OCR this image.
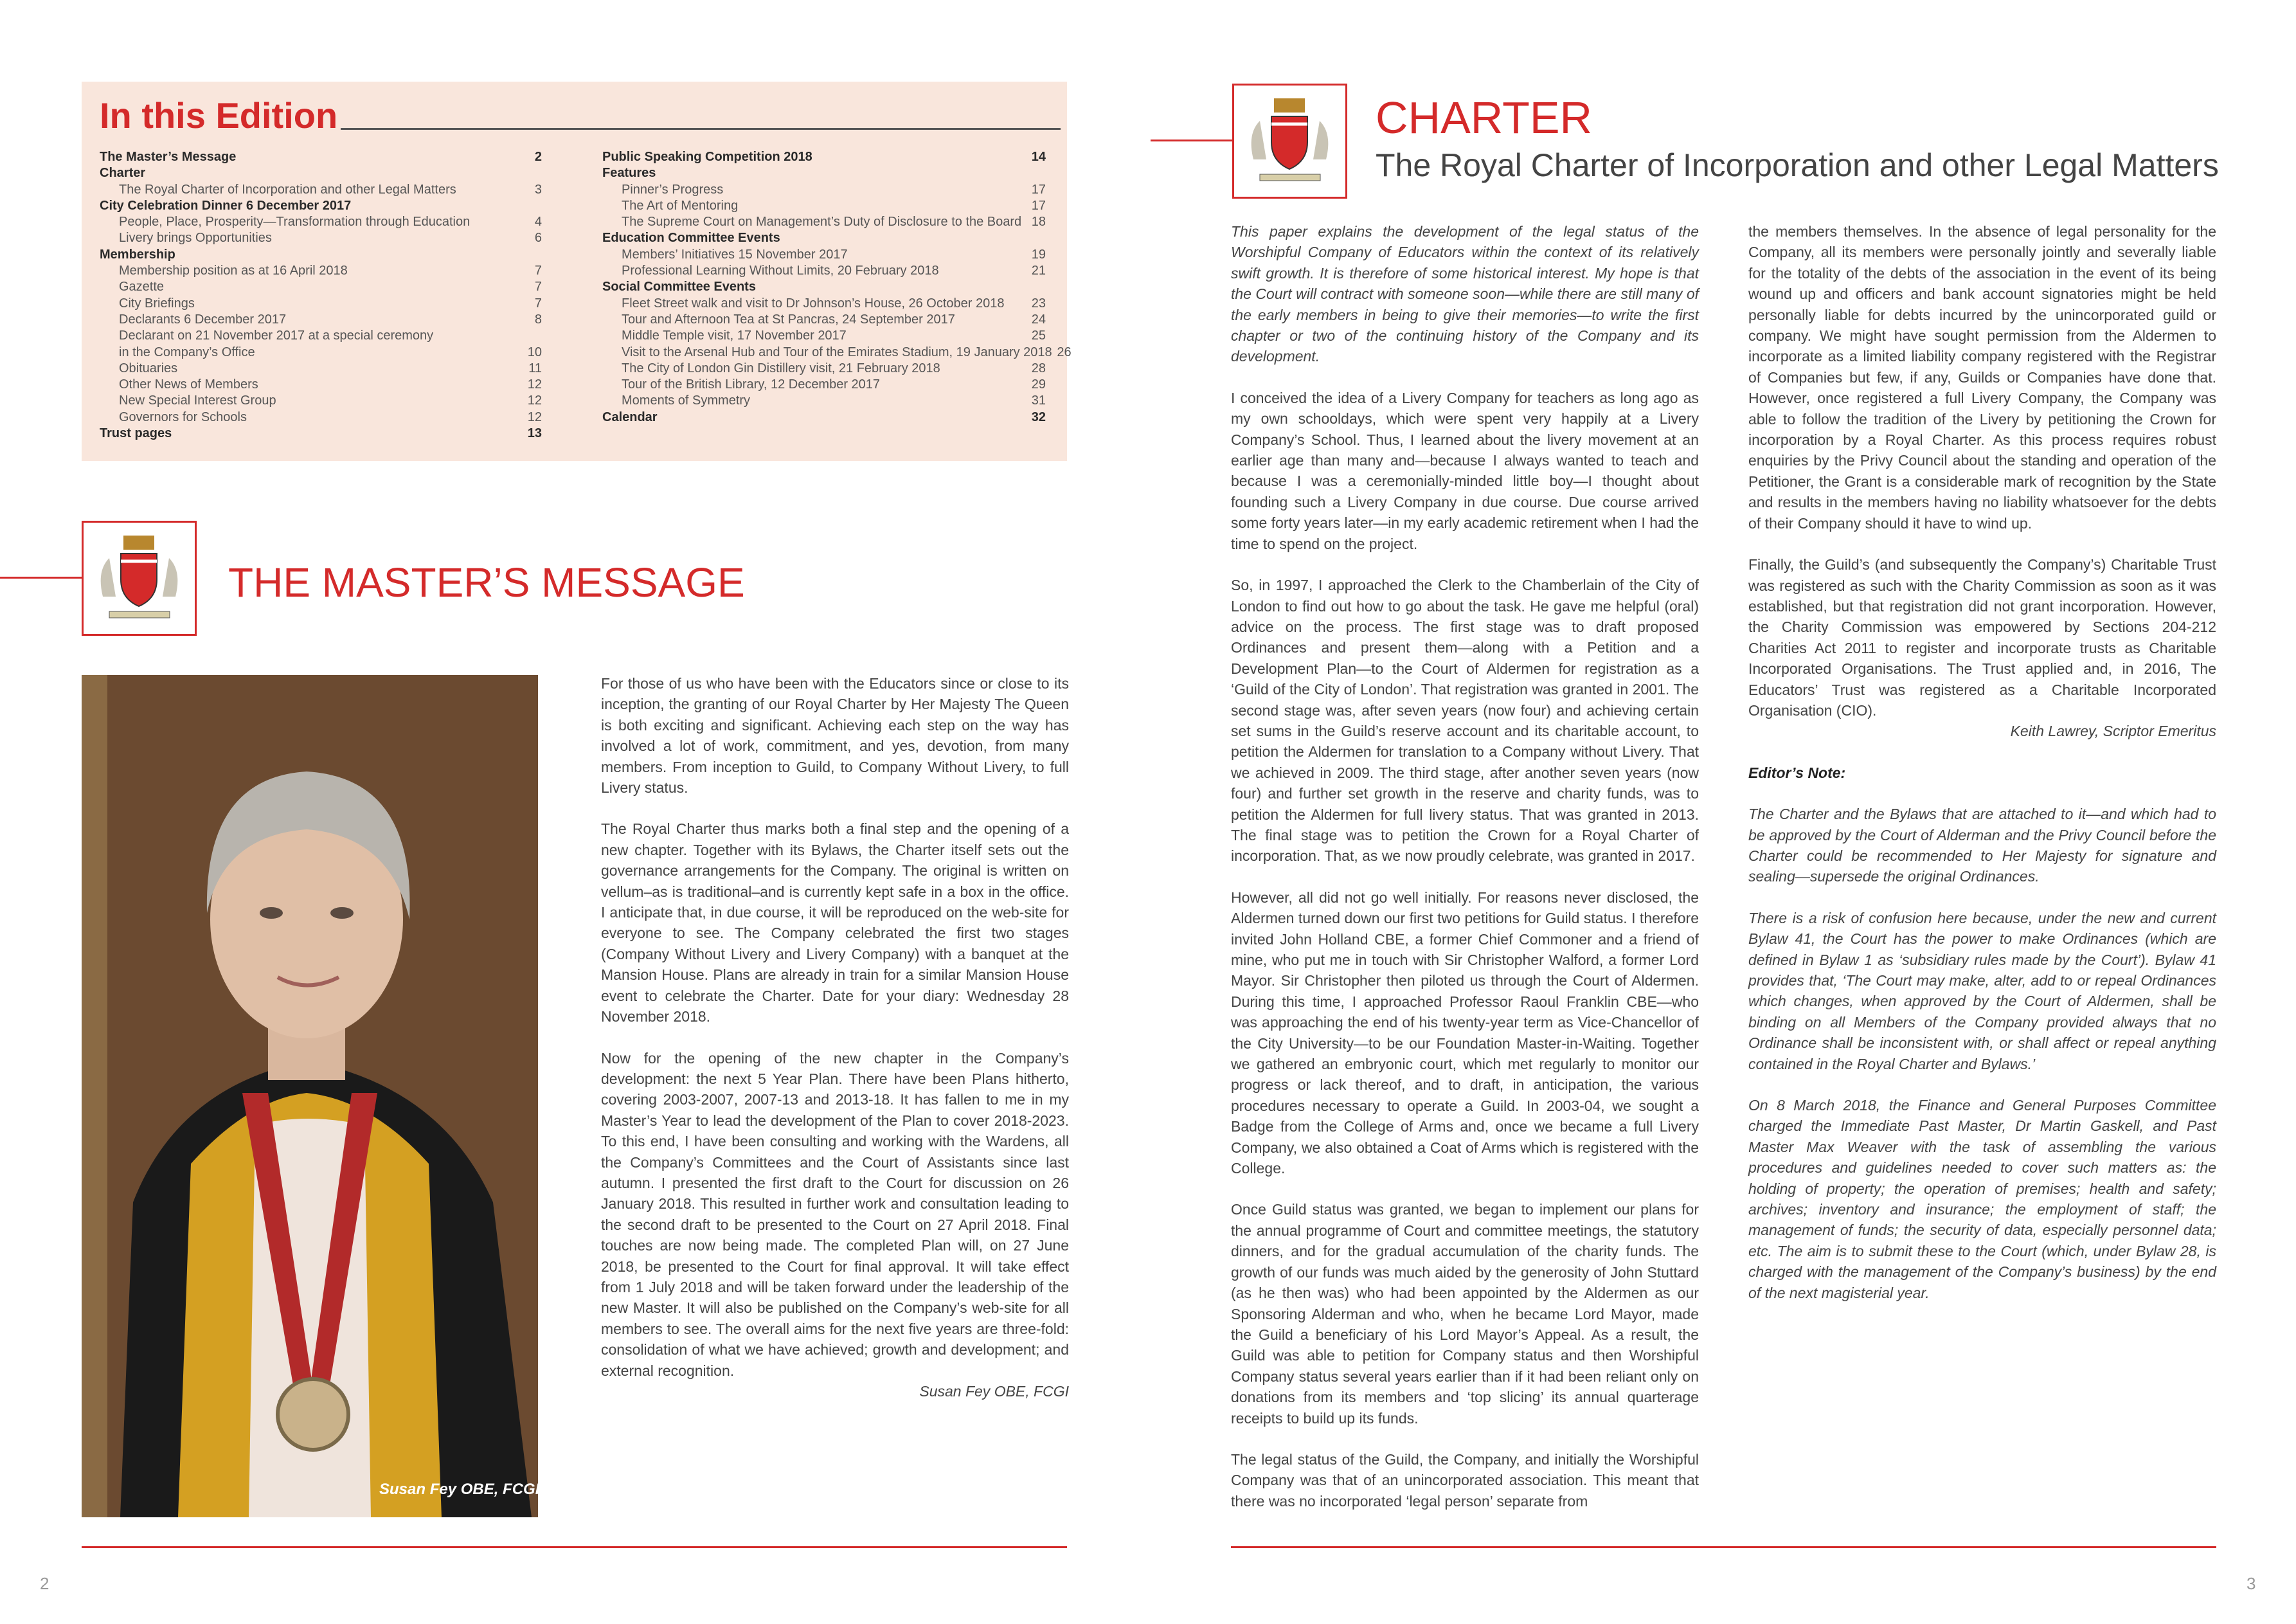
In this Edition
The Master’s Message	2
Charter
The Royal Charter of Incorporation and other Legal Matters	3
City Celebration Dinner 6 December 2017
People, Place, Prosperity—Transformation through Education	4
Livery brings Opportunities	6
Membership
Membership position as at 16 April 2018	7
Gazette	7
City Briefings	7
Declarants 6 December 2017	8
Declarant on 21 November 2017 at a special ceremony
in the Company’s Office	10
Obituaries	11
Other News of Members	12
New Special Interest Group	12
Governors for Schools	12
Trust pages	13
Public Speaking Competition 2018	14
Features
Pinner’s Progress	17
The Art of Mentoring	17
The Supreme Court on Management’s Duty of Disclosure to the Board 18
Education Committee Events
Members’ Initiatives 15 November 2017	19
Professional Learning Without Limits, 20 February 2018	21
Social Committee Events
Fleet Street walk and visit to Dr Johnson’s House, 26 October 2018	23
Tour and Afternoon Tea at St Pancras, 24 September 2017	24
Middle Temple visit, 17 November 2017	25
Visit to the Arsenal Hub and Tour of the Emirates Stadium, 19 January 2018 26
The City of London Gin Distillery visit, 21 February 2018	28
Tour of the British Library, 12 December 2017	29
Moments of Symmetry	31
Calendar	32
THE MASTER’S MESSAGE
Susan Fey OBE, FCGI

For those of us who have been with the Educators since or close to its inception, the granting of our Royal Charter by Her Majesty The Queen is both exciting and significant. Achieving each step on the way has involved a lot of work, commitment, and yes, devotion, from many members. From inception to Guild, to Company Without Livery, to full Livery status.

The Royal Charter thus marks both a final step and the opening of a new chapter. Together with its Bylaws, the Charter itself sets out the governance arrangements for the Company. The original is written on vellum–as is traditional–and is currently kept safe in a box in the office. I anticipate that, in due course, it will be reproduced on the web-site for everyone to see. The Company celebrated the first two stages (Company Without Livery and Livery Company) with a banquet at the Mansion House. Plans are already in train for a similar Mansion House event to celebrate the Charter. Date for your diary: Wednesday 28 November 2018.

Now for the opening of the new chapter in the Company’s development: the next 5 Year Plan. There have been Plans hitherto, covering 2003-2007, 2007-13 and 2013-18. It has fallen to me in my Master’s Year to lead the development of the Plan to cover 2018-2023. To this end, I have been consulting and working with the Wardens, all the Company’s Committees and the Court of Assistants since last autumn. I presented the first draft to the Court for discussion on 26 January 2018. This resulted in further work and consultation leading to the second draft to be presented to the Court on 27 April 2018. Final touches are now being made. The completed Plan will, on 27 June 2018, be presented to the Court for final approval. It will take effect from 1 July 2018 and will be taken forward under the leadership of the new Master. It will also be published on the Company’s web-site for all members to see. The overall aims for the next five years are three-fold: consolidation of what we have achieved; growth and development; and external recognition.

Susan Fey OBE, FCGI

CHARTER
The Royal Charter of Incorporation and other Legal Matters

This paper explains the development of the legal status of the Worshipful Company of Educators within the context of its relatively swift growth. It is therefore of some historical interest. My hope is that the Court will contract with someone soon—while there are still many of the early members in being to give their memories—to write the first chapter or two of the continuing history of the Company and its development.

I conceived the idea of a Livery Company for teachers as long ago as my own schooldays, which were spent very happily at a Livery Company’s School. Thus, I learned about the livery movement at an earlier age than many and—because I always wanted to teach and because I was a ceremonially-minded little boy—I thought about founding such a Livery Company in due course. Due course arrived some forty years later—in my early academic retirement when I had the time to spend on the project.

So, in 1997, I approached the Clerk to the Chamberlain of the City of London to find out how to go about the task. He gave me helpful (oral) advice on the process. The first stage was to draft proposed Ordinances and present them—along with a Petition and a Development Plan—to the Court of Aldermen for registration as a ‘Guild of the City of London’. That registration was granted in 2001. The second stage was, after seven years (now four) and achieving certain set sums in the Guild’s reserve account and its charitable account, to petition the Aldermen for translation to a Company without Livery. That we achieved in 2009. The third stage, after another seven years (now four) and further set growth in the reserve and charity funds, was to petition the Aldermen for full livery status. That was granted in 2013. The final stage was to petition the Crown for a Royal Charter of incorporation. That, as we now proudly celebrate, was granted in 2017.

However, all did not go well initially. For reasons never disclosed, the Aldermen turned down our first two petitions for Guild status. I therefore invited John Holland CBE, a former Chief Commoner and a friend of mine, who put me in touch with Sir Christopher Walford, a former Lord Mayor. Sir Christopher then piloted us through the Court of Aldermen. During this time, I approached Professor Raoul Franklin CBE—who was approaching the end of his twenty-year term as Vice-Chancellor of the City University—to be our Foundation Master-in-Waiting. Together we gathered an embryonic court, which met regularly to monitor our progress or lack thereof, and to draft, in anticipation, the various procedures necessary to operate a Guild. In 2003-04, we sought a Badge from the College of Arms and, once we became a full Livery Company, we also obtained a Coat of Arms which is registered with the College.

Once Guild status was granted, we began to implement our plans for the annual programme of Court and committee meetings, the statutory dinners, and for the gradual accumulation of the charity funds. The growth of our funds was much aided by the generosity of John Stuttard (as he then was) who had been appointed by the Aldermen as our Sponsoring Alderman and who, when he became Lord Mayor, made the Guild a beneficiary of his Lord Mayor’s Appeal. As a result, the Guild was able to petition for Company status and then Worshipful Company status several years earlier than if it had been reliant only on donations from its members and ‘top slicing’ its annual quarterage receipts to build up its funds.

The legal status of the Guild, the Company, and initially the Worshipful Company was that of an unincorporated association. This meant that there was no incorporated ‘legal person’ separate from

the members themselves. In the absence of legal personality for the Company, all its members were personally jointly and severally liable for the totality of the debts of the association in the event of its being wound up and officers and bank account signatories might be held personally liable for debts incurred by the unincorporated guild or company. We might have sought permission from the Aldermen to incorporate as a limited liability company registered with the Registrar of Companies but few, if any, Guilds or Companies have done that. However, once registered a full Livery Company, the Company was able to follow the tradition of the Livery by petitioning the Crown for incorporation by a Royal Charter. As this process requires robust enquiries by the Privy Council about the standing and operation of the Petitioner, the Grant is a considerable mark of recognition by the State and results in the members having no liability whatsoever for the debts of their Company should it have to wind up.

Finally, the Guild’s (and subsequently the Company’s) Charitable Trust was registered as such with the Charity Commission as soon as it was established, but that registration did not grant incorporation. However, the Charity Commission was empowered by Sections 204-212 Charities Act 2011 to register and incorporate trusts as Charitable Incorporated Organisations. The Trust applied and, in 2016, The Educators’ Trust was registered as a Charitable Incorporated Organisation (CIO).

Keith Lawrey, Scriptor Emeritus

Editor’s Note:

The Charter and the Bylaws that are attached to it—and which had to be approved by the Court of Alderman and the Privy Council before the Charter could be recommended to Her Majesty for signature and sealing—supersede the original Ordinances.

There is a risk of confusion here because, under the new and current Bylaw 41, the Court has the power to make Ordinances (which are defined in Bylaw 1 as ‘subsidiary rules made by the Court’). Bylaw 41 provides that, ‘The Court may make, alter, add to or repeal Ordinances which changes, when approved by the Court of Aldermen, shall be binding on all Members of the Company provided always that no Ordinance shall be inconsistent with, or shall affect or repeal anything contained in the Royal Charter and Bylaws.’

On 8 March 2018, the Finance and General Purposes Committee charged the Immediate Past Master, Dr Martin Gaskell, and Past Master Max Weaver with the task of assembling the various procedures and guidelines needed to cover such matters as: the holding of property; the operation of premises; health and safety; archives; inventory and insurance; the employment of staff; the management of funds; the security of data, especially personnel data; etc. The aim is to submit these to the Court (which, under Bylaw 28, is charged with the management of the Company’s business) by the end of the next magisterial year.

2	3
